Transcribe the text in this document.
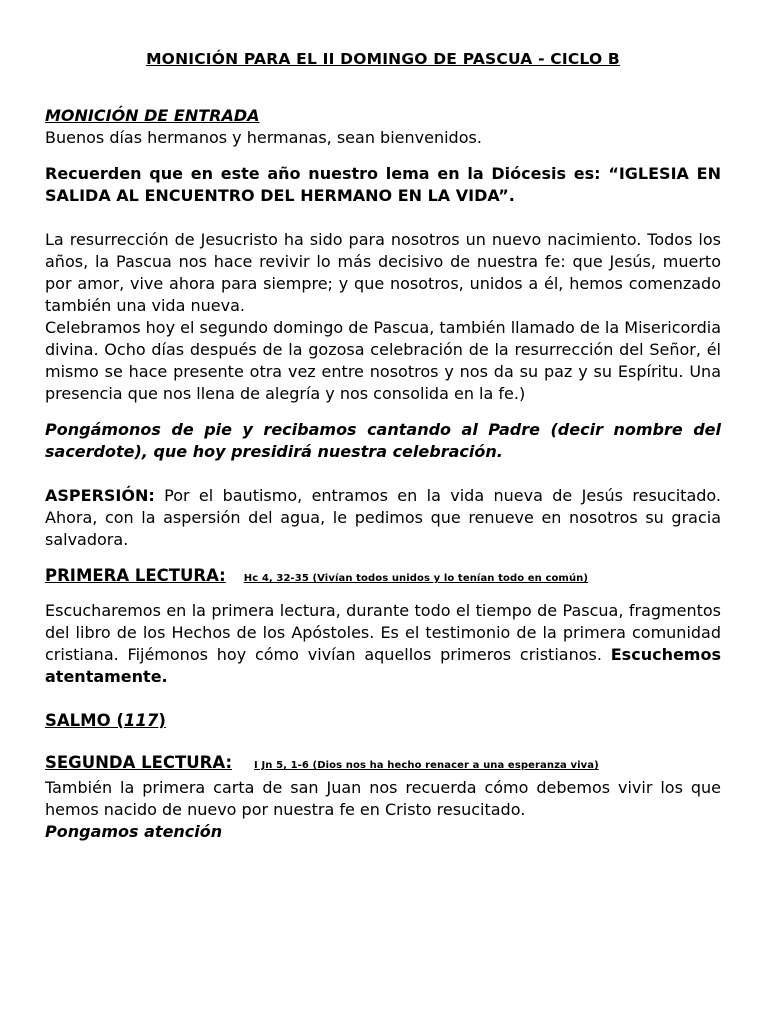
MONICIÓN PARA EL II DOMINGO DE PASCUA - CICLO B
MONICIÓN DE ENTRADA

Buenos días hermanos y hermanas, sean bienvenidos.

Recuerden que en este año nuestro lema en la Diócesis es: “IGLESIA EN SALIDA AL ENCUENTRO DEL HERMANO EN LA VIDA”.

La resurrección de Jesucristo ha sido para nosotros un nuevo nacimiento. Todos los años, la Pascua nos hace revivir lo más decisivo de nuestra fe: que Jesús, muerto por amor, vive ahora para siempre; y que nosotros, unidos a él, hemos comenzado también una vida nueva.

Celebramos hoy el segundo domingo de Pascua, también llamado de la Misericordia divina. Ocho días después de la gozosa celebración de la resurrección del Señor, él mismo se hace presente otra vez entre nosotros y nos da su paz y su Espíritu. Una presencia que nos llena de alegría y nos consolida en la fe.)

Pongámonos de pie y recibamos cantando al Padre (decir nombre del sacerdote), que hoy presidirá nuestra celebración.

ASPERSIÓN: Por el bautismo, entramos en la vida nueva de Jesús resucitado. Ahora, con la aspersión del agua, le pedimos que renueve en nosotros su gracia salvadora.

PRIMERA LECTURA: Hc 4, 32-35 (Vivían todos unidos y lo tenían todo en común)

Escucharemos en la primera lectura, durante todo el tiempo de Pascua, fragmentos del libro de los Hechos de los Apóstoles. Es el testimonio de la primera comunidad cristiana. Fijémonos hoy cómo vivían aquellos primeros cristianos. Escuchemos atentamente.

SALMO (117)
SEGUNDA LECTURA: I Jn 5, 1-6 (Dios nos ha hecho renacer a una esperanza viva)

También la primera carta de san Juan nos recuerda cómo debemos vivir los que hemos nacido de nuevo por nuestra fe en Cristo resucitado.

Pongamos atención
